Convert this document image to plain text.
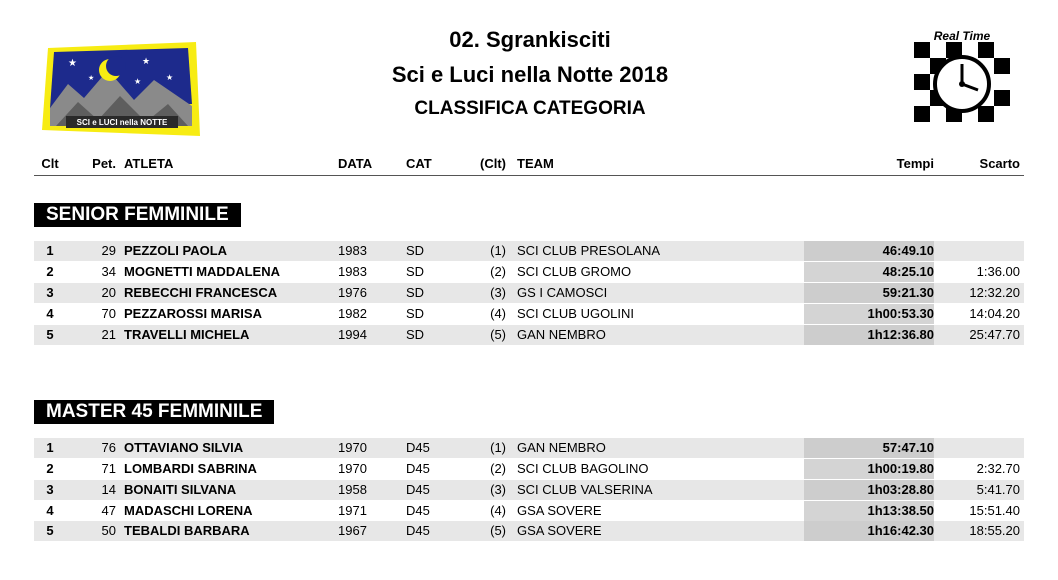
★	★
★
★	★
SCI e LUCI nella NOTTE
Real Time
02. Sgrankisciti
Sci e Luci nella Notte 2018
CLASSIFICA CATEGORIA
Clt	Pet. ATLETA	DATA	CAT	(Clt) TEAM	Tempi	Scarto
SENIOR FEMMINILE
1	29 PEZZOLI PAOLA	1983	SD	(1) SCI CLUB PRESOLANA	46:49.10
2	34 MOGNETTI MADDALENA	1983	SD	(2) SCI CLUB GROMO	48:25.10	1:36.00
3	20 REBECCHI FRANCESCA	1976	SD	(3) GS I CAMOSCI	59:21.30	12:32.20
4	70 PEZZAROSSI MARISA	1982	SD	(4) SCI CLUB UGOLINI	1h00:53.30	14:04.20
5	21 TRAVELLI MICHELA	1994	SD	(5) GAN NEMBRO	1h12:36.80	25:47.70
MASTER 45 FEMMINILE
1	76 OTTAVIANO SILVIA	1970	D45	(1) GAN NEMBRO	57:47.10
2	71 LOMBARDI SABRINA	1970	D45	(2) SCI CLUB BAGOLINO	1h00:19.80	2:32.70
3	14 BONAITI SILVANA	1958	D45	(3) SCI CLUB VALSERINA	1h03:28.80	5:41.70
4	47 MADASCHI LORENA	1971	D45	(4) GSA SOVERE	1h13:38.50	15:51.40
5	50 TEBALDI BARBARA	1967	D45	(5) GSA SOVERE	1h16:42.30	18:55.20
